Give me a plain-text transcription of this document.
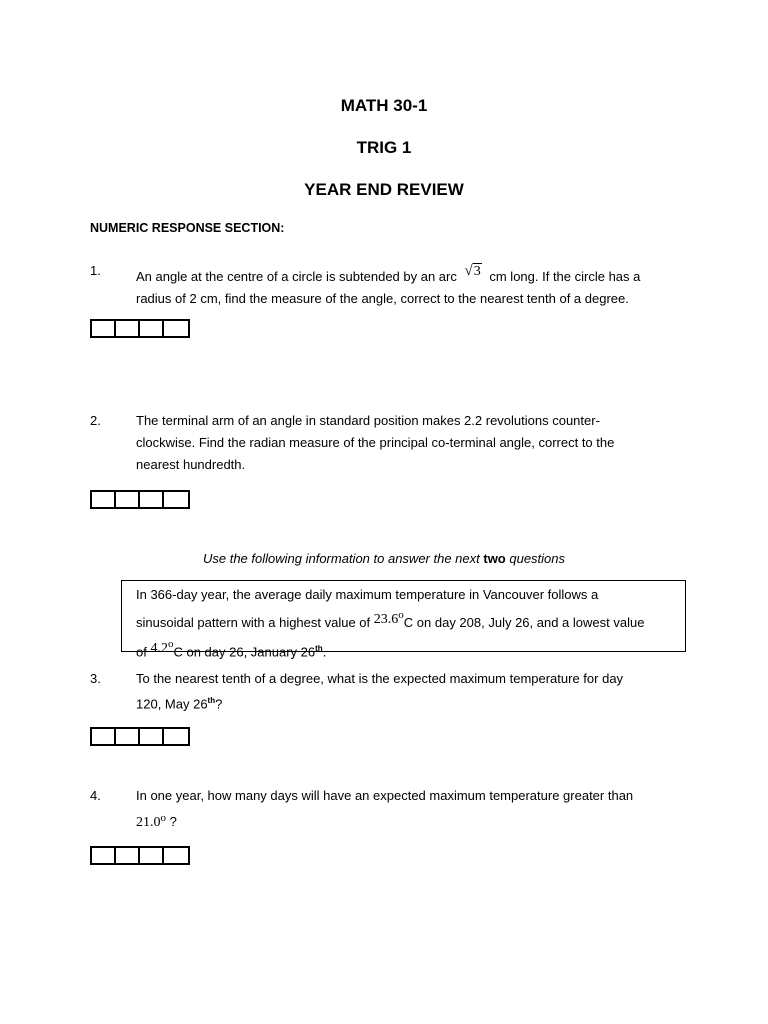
MATH 30-1
TRIG 1
YEAR END REVIEW
NUMERIC RESPONSE SECTION:
1.	An angle at the centre of a circle is subtended by an arc √3 cm long. If the circle has a
radius of 2 cm, find the measure of the angle, correct to the nearest tenth of a degree.
2.	The terminal arm of an angle in standard position makes 2.2 revolutions counter-
clockwise. Find the radian measure of the principal co-terminal angle, correct to the
nearest hundredth.
Use the following information to answer the next two questions
In 366-day year, the average daily maximum temperature in Vancouver follows a
sinusoidal pattern with a highest value of 23.6$^o$C on day 208, July 26, and a lowest value
of 4.2$^o$C on day 26, January 26th.
3.	To the nearest tenth of a degree, what is the expected maximum temperature for day
120, May 26th?
4.	In one year, how many days will have an expected maximum temperature greater than
21.0$^o$ ?
